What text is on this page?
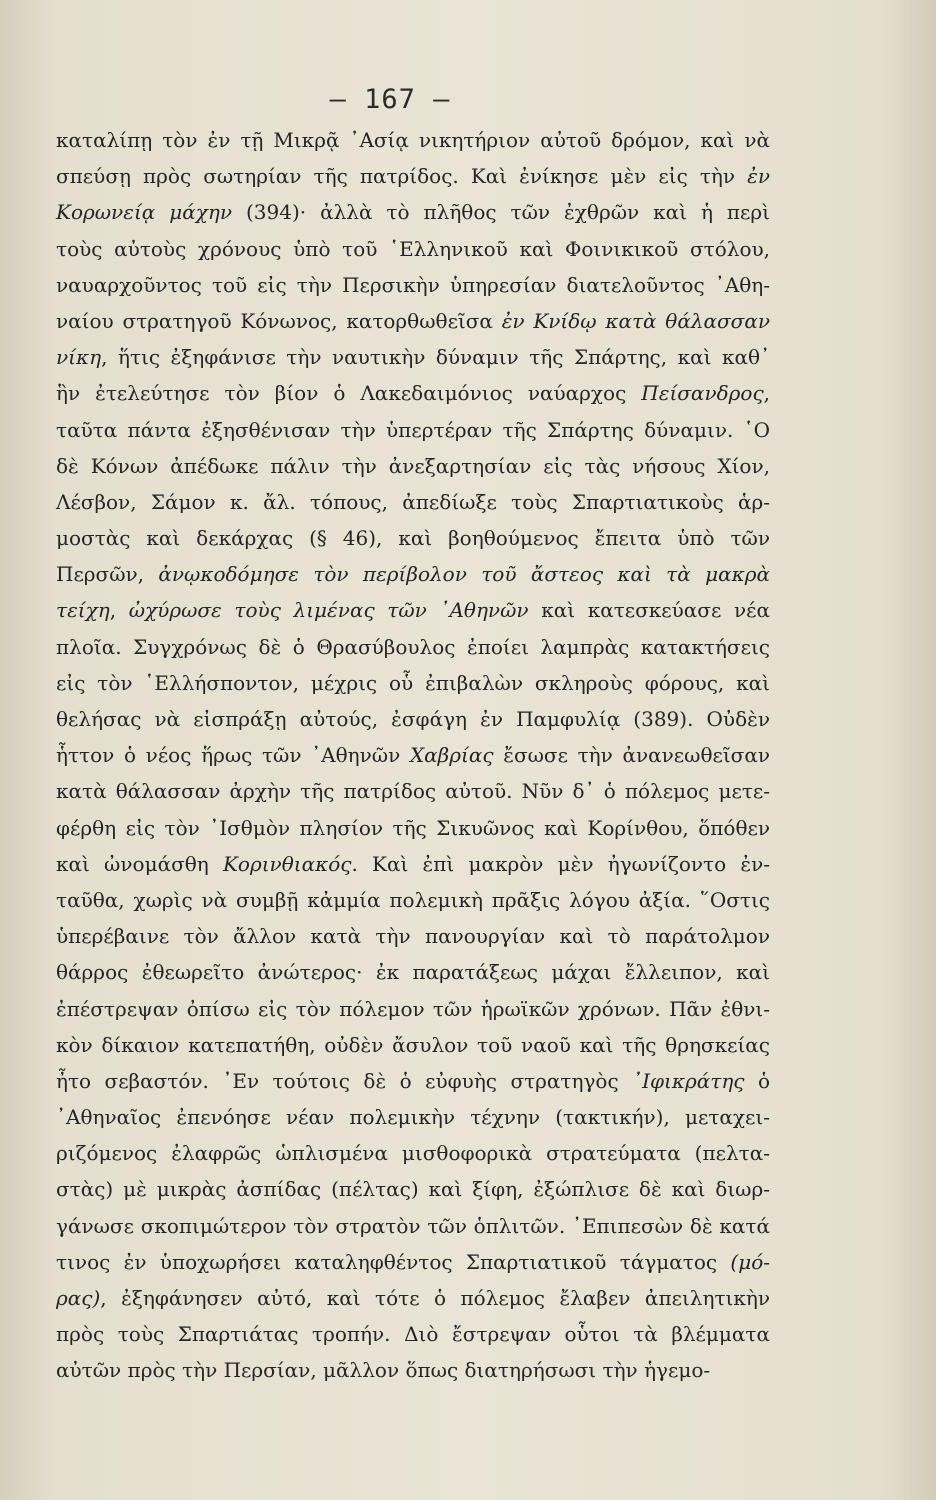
— 167 —
καταλίπῃ τὸν ἐν τῇ Μικρᾷ ᾿Ασίᾳ νικητήριον αὐτοῦ δρόμον, καὶ νὰ
σπεύσῃ πρὸς σωτηρίαν τῆς πατρίδος. Καὶ ἐνίκησε μὲν εἰς τὴν ἐν
Κορωνείᾳ μάχην (394)· ἀλλὰ τὸ πλῆθος τῶν ἐχθρῶν καὶ ἡ περὶ
τοὺς αὐτοὺς χρόνους ὑπὸ τοῦ ῾Ελληνικοῦ καὶ Φοινικικοῦ στόλου,
ναυαρχοῦντος τοῦ εἰς τὴν Περσικὴν ὑπηρεσίαν διατελοῦντος ᾿Αθη-
ναίου στρατηγοῦ Κόνωνος, κατορθωθεῖσα ἐν Κνίδῳ κατὰ θάλασσαν
νίκη, ἥτις ἐξηφάνισε τὴν ναυτικὴν δύναμιν τῆς Σπάρτης, καὶ καθ᾿
ἣν ἐτελεύτησε τὸν βίον ὁ Λακεδαιμόνιος ναύαρχος Πείσανδρος,
ταῦτα πάντα ἐξησθένισαν τὴν ὑπερτέραν τῆς Σπάρτης δύναμιν. ῾Ο
δὲ Κόνων ἀπέδωκε πάλιν τὴν ἀνεξαρτησίαν εἰς τὰς νήσους Χίον,
Λέσβον, Σάμον κ. ἄλ. τόπους, ἀπεδίωξε τοὺς Σπαρτιατικοὺς ἁρ-
μοστὰς καὶ δεκάρχας (§ 46), καὶ βοηθούμενος ἔπειτα ὑπὸ τῶν
Περσῶν, ἀνῳκοδόμησε τὸν περίβολον τοῦ ἄστεος καὶ τὰ μακρὰ
τείχη, ὠχύρωσε τοὺς λιμένας τῶν ᾿Αθηνῶν καὶ κατεσκεύασε νέα
πλοῖα. Συγχρόνως δὲ ὁ Θρασύβουλος ἐποίει λαμπρὰς κατακτήσεις
εἰς τὸν ῾Ελλήσποντον, μέχρις οὗ ἐπιβαλὼν σκληροὺς φόρους, καὶ
θελήσας νὰ εἰσπράξῃ αὐτούς, ἐσφάγη ἐν Παμφυλίᾳ (389). Οὐδὲν
ἧττον ὁ νέος ἥρως τῶν ᾿Αθηνῶν Χαβρίας ἔσωσε τὴν ἀνανεωθεῖσαν
κατὰ θάλασσαν ἀρχὴν τῆς πατρίδος αὐτοῦ. Νῦν δ᾿ ὁ πόλεμος μετε-
φέρθη εἰς τὸν ᾿Ισθμὸν πλησίον τῆς Σικυῶνος καὶ Κορίνθου, ὅπόθεν
καὶ ὠνομάσθη Κορινθιακός. Καὶ ἐπὶ μακρὸν μὲν ἠγωνίζοντο ἐν-
ταῦθα, χωρὶς νὰ συμβῇ κἀμμία πολεμικὴ πρᾶξις λόγου ἀξία. ῞Οστις
ὑπερέβαινε τὸν ἄλλον κατὰ τὴν πανουργίαν καὶ τὸ παράτολμον
θάρρος ἐθεωρεῖτο ἀνώτερος· ἐκ παρατάξεως μάχαι ἔλλειπον, καὶ
ἐπέστρεψαν ὀπίσω εἰς τὸν πόλεμον τῶν ἡρωϊκῶν χρόνων. Πᾶν ἐθνι-
κὸν δίκαιον κατεπατήθη, οὐδὲν ἄσυλον τοῦ ναοῦ καὶ τῆς θρησκείας
ἦτο σεβαστόν. ᾿Εν τούτοις δὲ ὁ εὐφυὴς στρατηγὸς ᾿Ιφικράτης ὁ
᾿Αθηναῖος ἐπενόησε νέαν πολεμικὴν τέχνην (τακτικήν), μεταχει-
ριζόμενος ἐλαφρῶς ὡπλισμένα μισθοφορικὰ στρατεύματα (πελτα-
στὰς) μὲ μικρὰς ἀσπίδας (πέλτας) καὶ ξίφη, ἐξώπλισε δὲ καὶ διωρ-
γάνωσε σκοπιμώτερον τὸν στρατὸν τῶν ὁπλιτῶν. ᾿Επιπεσὼν δὲ κατά
τινος ἐν ὑποχωρήσει καταληφθέντος Σπαρτιατικοῦ τάγματος (μό-
ρας), ἐξηφάνησεν αὐτό, καὶ τότε ὁ πόλεμος ἔλαβεν ἀπειλητικὴν
πρὸς τοὺς Σπαρτιάτας τροπήν. Διὸ ἔστρεψαν οὗτοι τὰ βλέμματα
αὐτῶν πρὸς τὴν Περσίαν, μᾶλλον ὅπως διατηρήσωσι τὴν ἡγεμο-
